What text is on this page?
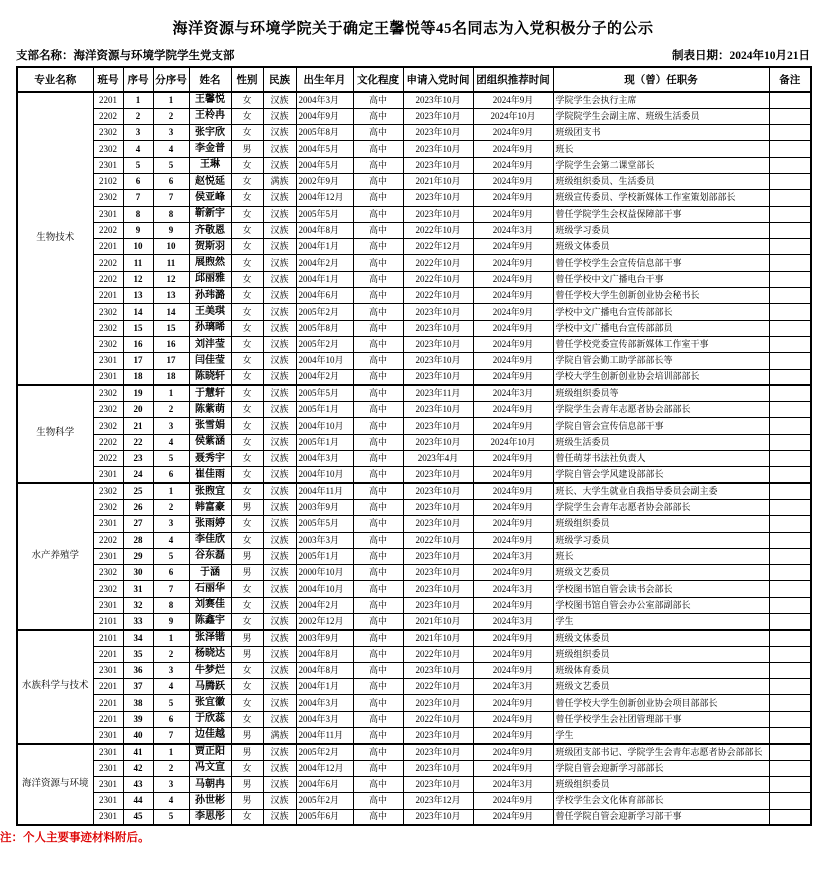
海洋资源与环境学院关于确定王馨悦等45名同志为入党积极分子的公示
支部名称：海洋资源与环境学院学生党支部	制表日期：2024年10月21日
专业名称	班号	序号	分序号	姓名	性别	民族	出生年月	文化程度	申请入党时间	团组织推荐时间	现（曾）任职务	备注
生物技术	2201	1	1	王馨悦	女	汉族	2004年3月	高中	2023年10月	2024年9月	学院学生会执行主席	
	2202	2	2	王柃冉	女	汉族	2004年9月	高中	2023年10月	2024年10月	学院院学生会副主席、班级生活委员	
	2302	3	3	张宇欣	女	汉族	2005年8月	高中	2023年10月	2024年9月	班级团支书	
	2302	4	4	李金普	男	汉族	2004年5月	高中	2023年10月	2024年9月	班长	
	2301	5	5	王琳	女	汉族	2004年5月	高中	2023年10月	2024年9月	学院学生会第二课堂部长	
	2102	6	6	赵悦延	女	满族	2002年9月	高中	2021年10月	2024年9月	班级组织委员、生活委员	
	2302	7	7	侯亚峰	女	汉族	2004年12月	高中	2023年10月	2024年9月	班级宣传委员、学校新媒体工作室策划部部长	
	2301	8	8	靳新宇	女	汉族	2005年5月	高中	2023年10月	2024年9月	曾任学院学生会权益保障部干事	
	2202	9	9	齐敬恩	女	汉族	2004年8月	高中	2022年10月	2024年3月	班级学习委员	
	2201	10	10	贺斯羽	女	汉族	2004年1月	高中	2022年12月	2024年9月	班级文体委员	
	2202	11	11	展煦然	女	汉族	2004年2月	高中	2022年10月	2024年9月	曾任学校学生会宣传信息部干事	
	2202	12	12	邱丽雅	女	汉族	2004年1月	高中	2022年10月	2024年9月	曾任学校中文广播电台干事	
	2201	13	13	孙玮潞	女	汉族	2004年6月	高中	2022年10月	2024年9月	曾任学校大学生创新创业协会秘书长	
	2302	14	14	王美琪	女	汉族	2005年2月	高中	2023年10月	2024年9月	学校中文广播电台宣传部部长	
	2302	15	15	孙璃晞	女	汉族	2005年8月	高中	2023年10月	2024年9月	学校中文广播电台宣传部部员	
	2302	16	16	刘沣莹	女	汉族	2005年2月	高中	2023年10月	2024年9月	曾任学校党委宣传部新媒体工作室干事	
	2301	17	17	闫佳莹	女	汉族	2004年10月	高中	2023年10月	2024年9月	学院自管会勤工助学部部长等	
	2301	18	18	陈晓轩	女	汉族	2004年2月	高中	2023年10月	2024年9月	学校大学生创新创业协会培训部部长	
生物科学	2302	19	1	于慧轩	女	汉族	2005年5月	高中	2023年11月	2024年3月	班级组织委员等	
	2302	20	2	陈紫萌	女	汉族	2005年1月	高中	2023年10月	2024年9月	学院学生会青年志愿者协会部部长	
	2302	21	3	张雪娟	女	汉族	2004年10月	高中	2023年10月	2024年9月	学院自管会宣传信息部干事	
	2202	22	4	侯紫涵	女	汉族	2005年1月	高中	2023年10月	2024年10月	班级生活委员	
	2022	23	5	聂秀宇	女	汉族	2004年3月	高中	2023年4月	2024年9月	曾任萌芽书法社负责人	
	2301	24	6	崔佳雨	女	汉族	2004年10月	高中	2023年10月	2024年9月	学院自管会学风建设部部长	
水产养殖学	2302	25	1	张煦宜	女	汉族	2004年11月	高中	2023年10月	2024年9月	班长、大学生就业自我指导委员会副主委	
	2302	26	2	韩富豪	男	汉族	2003年9月	高中	2023年10月	2024年9月	学院学生会青年志愿者协会部部长	
	2301	27	3	张雨婷	女	汉族	2005年5月	高中	2023年10月	2024年9月	班级组织委员	
	2202	28	4	李佳欣	女	汉族	2003年3月	高中	2022年10月	2024年9月	班级学习委员	
	2301	29	5	谷东磊	男	汉族	2005年1月	高中	2023年10月	2024年3月	班长	
	2302	30	6	于涵	男	汉族	2000年10月	高中	2023年10月	2024年9月	班级文艺委员	
	2302	31	7	石丽华	女	汉族	2004年10月	高中	2023年10月	2024年3月	学校图书馆自管会读书会部长	
	2301	32	8	刘赛佳	女	汉族	2004年2月	高中	2023年10月	2024年9月	学校图书馆自管会办公室部副部长	
	2101	33	9	陈鑫宇	女	汉族	2002年12月	高中	2021年10月	2024年3月	学生	
水族科学与技术	2101	34	1	张泽锴	男	汉族	2003年9月	高中	2021年10月	2024年9月	班级文体委员	
	2201	35	2	杨晓达	男	汉族	2004年8月	高中	2022年10月	2024年9月	班级组织委员	
	2301	36	3	牛梦烂	女	汉族	2004年8月	高中	2023年10月	2024年9月	班级体育委员	
	2201	37	4	马腾跃	女	汉族	2004年1月	高中	2022年10月	2024年3月	班级文艺委员	
	2201	38	5	张宜徽	女	汉族	2004年3月	高中	2023年10月	2024年9月	曾任学校大学生创新创业协会项目部部长	
	2201	39	6	于欣蕊	女	汉族	2004年3月	高中	2022年10月	2024年9月	曾任学校学生会社团管理部干事	
	2301	40	7	边佳越	男	满族	2004年11月	高中	2023年10月	2024年9月	学生	
海洋资源与环境	2301	41	1	贾正阳	男	汉族	2005年2月	高中	2023年10月	2024年9月	班级团支部书记、学院学生会青年志愿者协会部部长	
	2301	42	2	冯文宣	女	汉族	2004年12月	高中	2023年10月	2024年9月	学院自管会迎新学习部部长	
	2301	43	3	马朝冉	男	汉族	2004年6月	高中	2023年10月	2024年3月	班级组织委员	
	2301	44	4	孙世彬	男	汉族	2005年2月	高中	2023年12月	2024年9月	学校学生会文化体育部部长	
	2301	45	5	李思彤	女	汉族	2005年6月	高中	2023年10月	2024年9月	曾任学院自管会迎新学习部干事	
注：个人主要事迹材料附后。
